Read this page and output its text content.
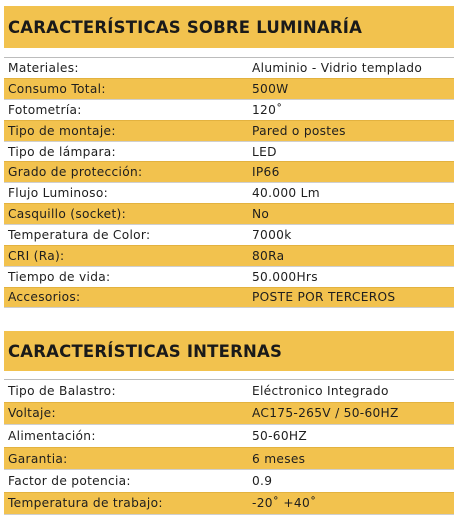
CARACTERÍSTICAS SOBRE LUMINARÍA
Materiales:	Aluminio - Vidrio templado
Consumo Total:	500W
Fotometría:	120˚
Tipo de montaje:	Pared o postes
Tipo de lámpara:	LED
Grado de protección:	IP66
Flujo Luminoso:	40.000 Lm
Casquillo (socket):	No
Temperatura de Color:	7000k
CRI (Ra):	80Ra
Tiempo de vida:	50.000Hrs
Accesorios:	POSTE POR TERCEROS
CARACTERÍSTICAS INTERNAS
Tipo de Balastro:	Eléctronico Integrado
Voltaje:	AC175-265V / 50-60HZ
Alimentación:	50-60HZ
Garantia:	6 meses
Factor de potencia:	0.9
Temperatura de trabajo:	-20˚ +40˚
